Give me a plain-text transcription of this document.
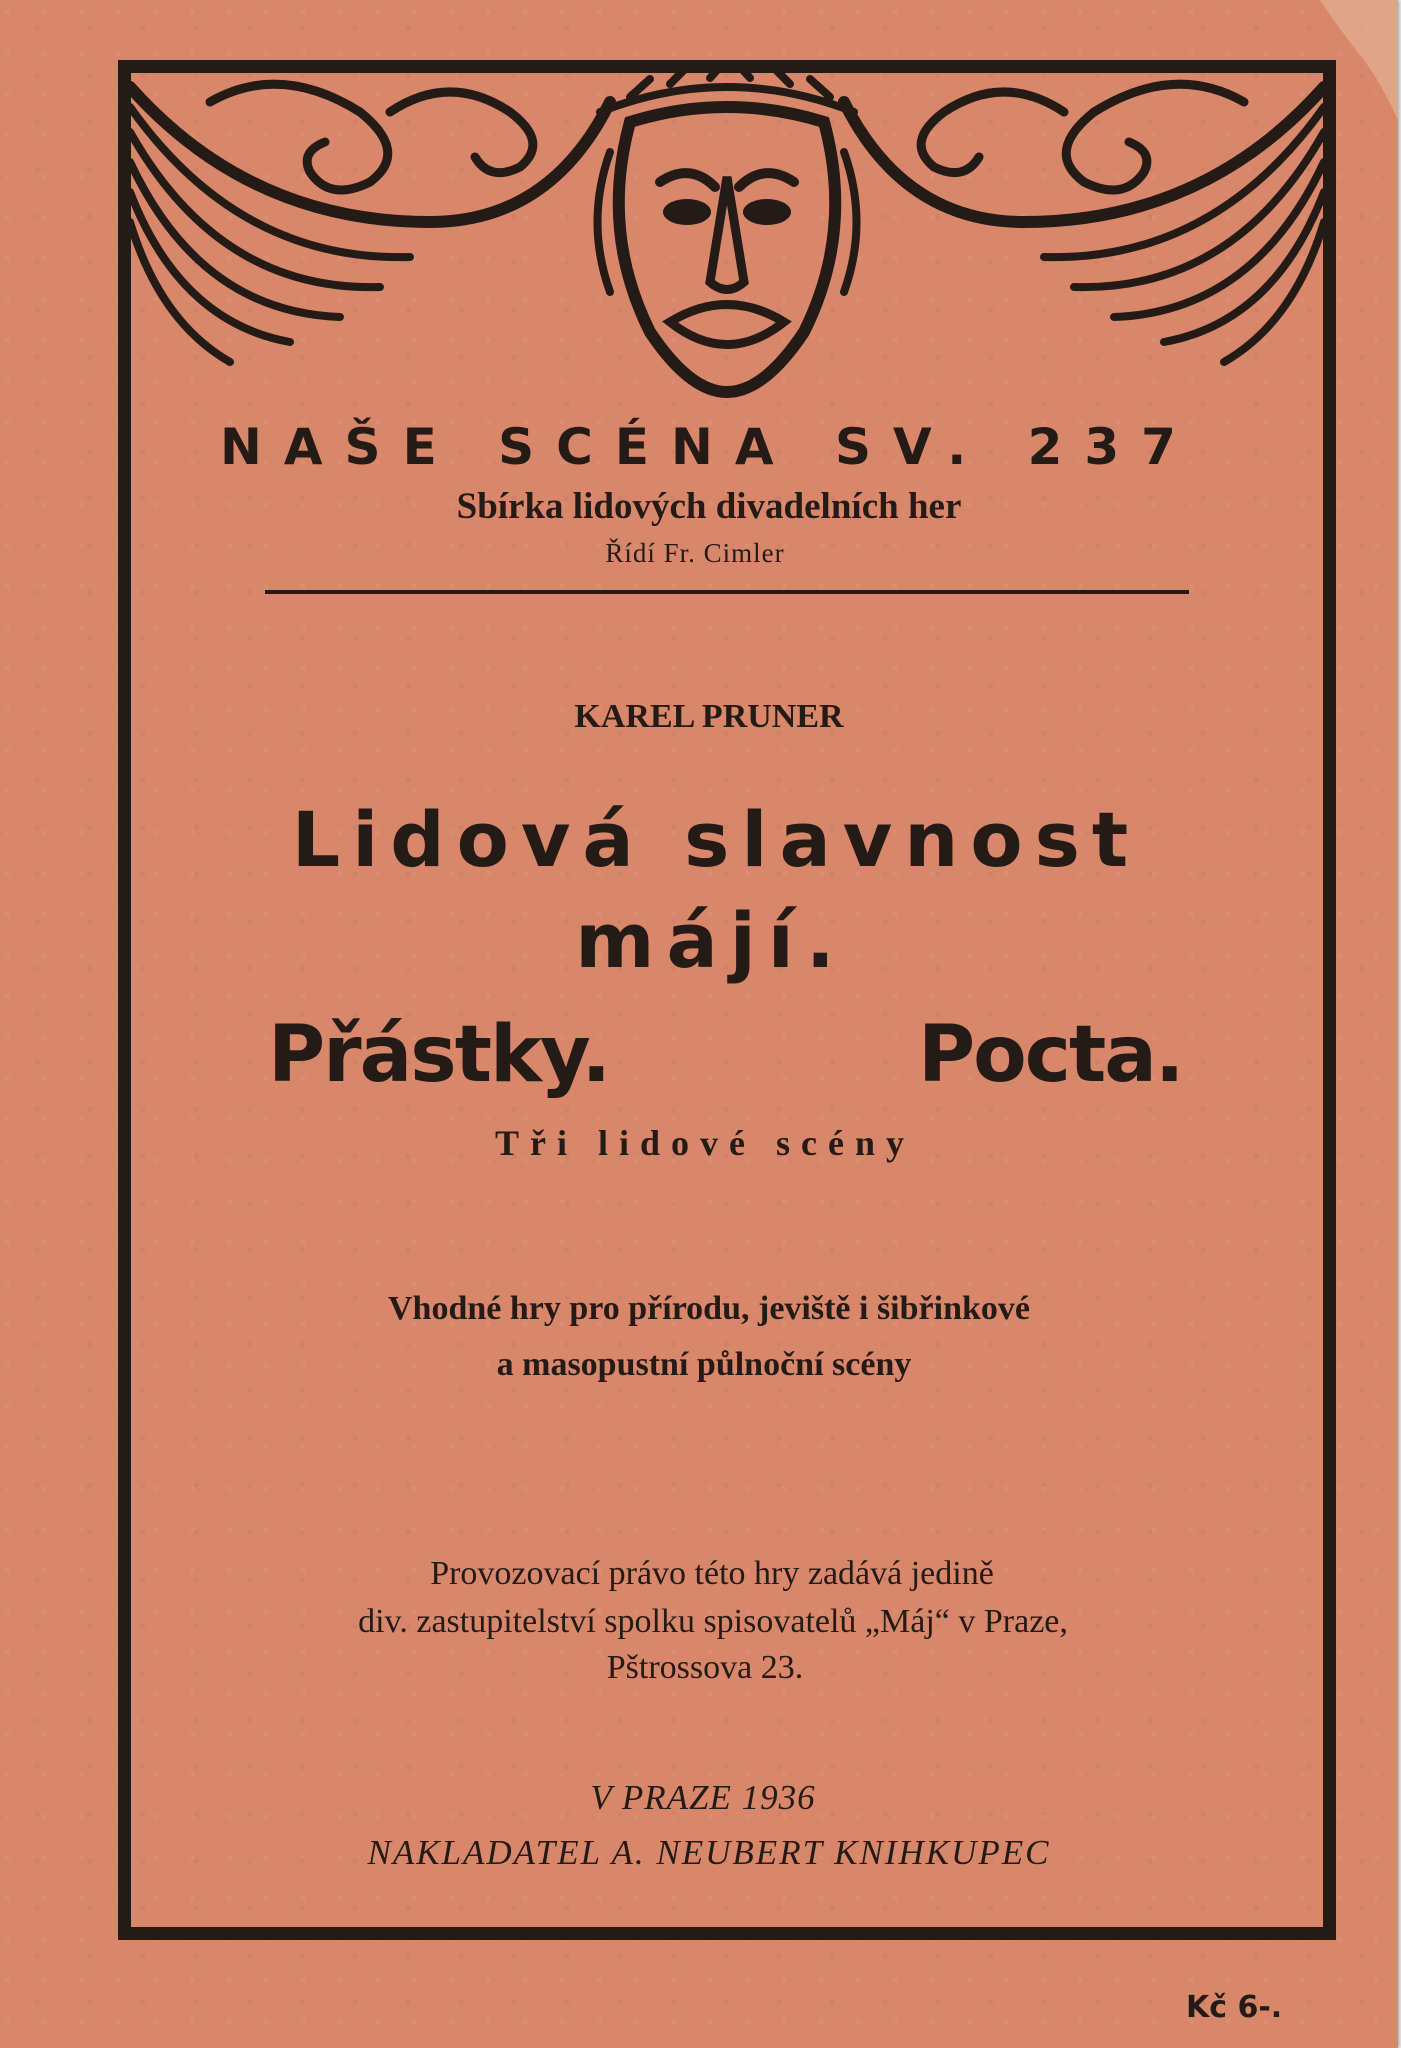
NAŠE SCÉNA SV. 237
Sbírka lidových divadelních her
Řídí Fr. Cimler
KAREL PRUNER
Lidová slavnost
májí.
Přástky.	Pocta.
Tři lidové scény
Vhodné hry pro přírodu, jeviště i šibřinkové
a masopustní půlnoční scény
Provozovací právo této hry zadává jedině
div. zastupitelství spolku spisovatelů „Máj“ v Praze,
Pštrossova 23.
V PRAZE 1936
NAKLADATEL A. NEUBERT KNIHKUPEC
Kč 6-.
